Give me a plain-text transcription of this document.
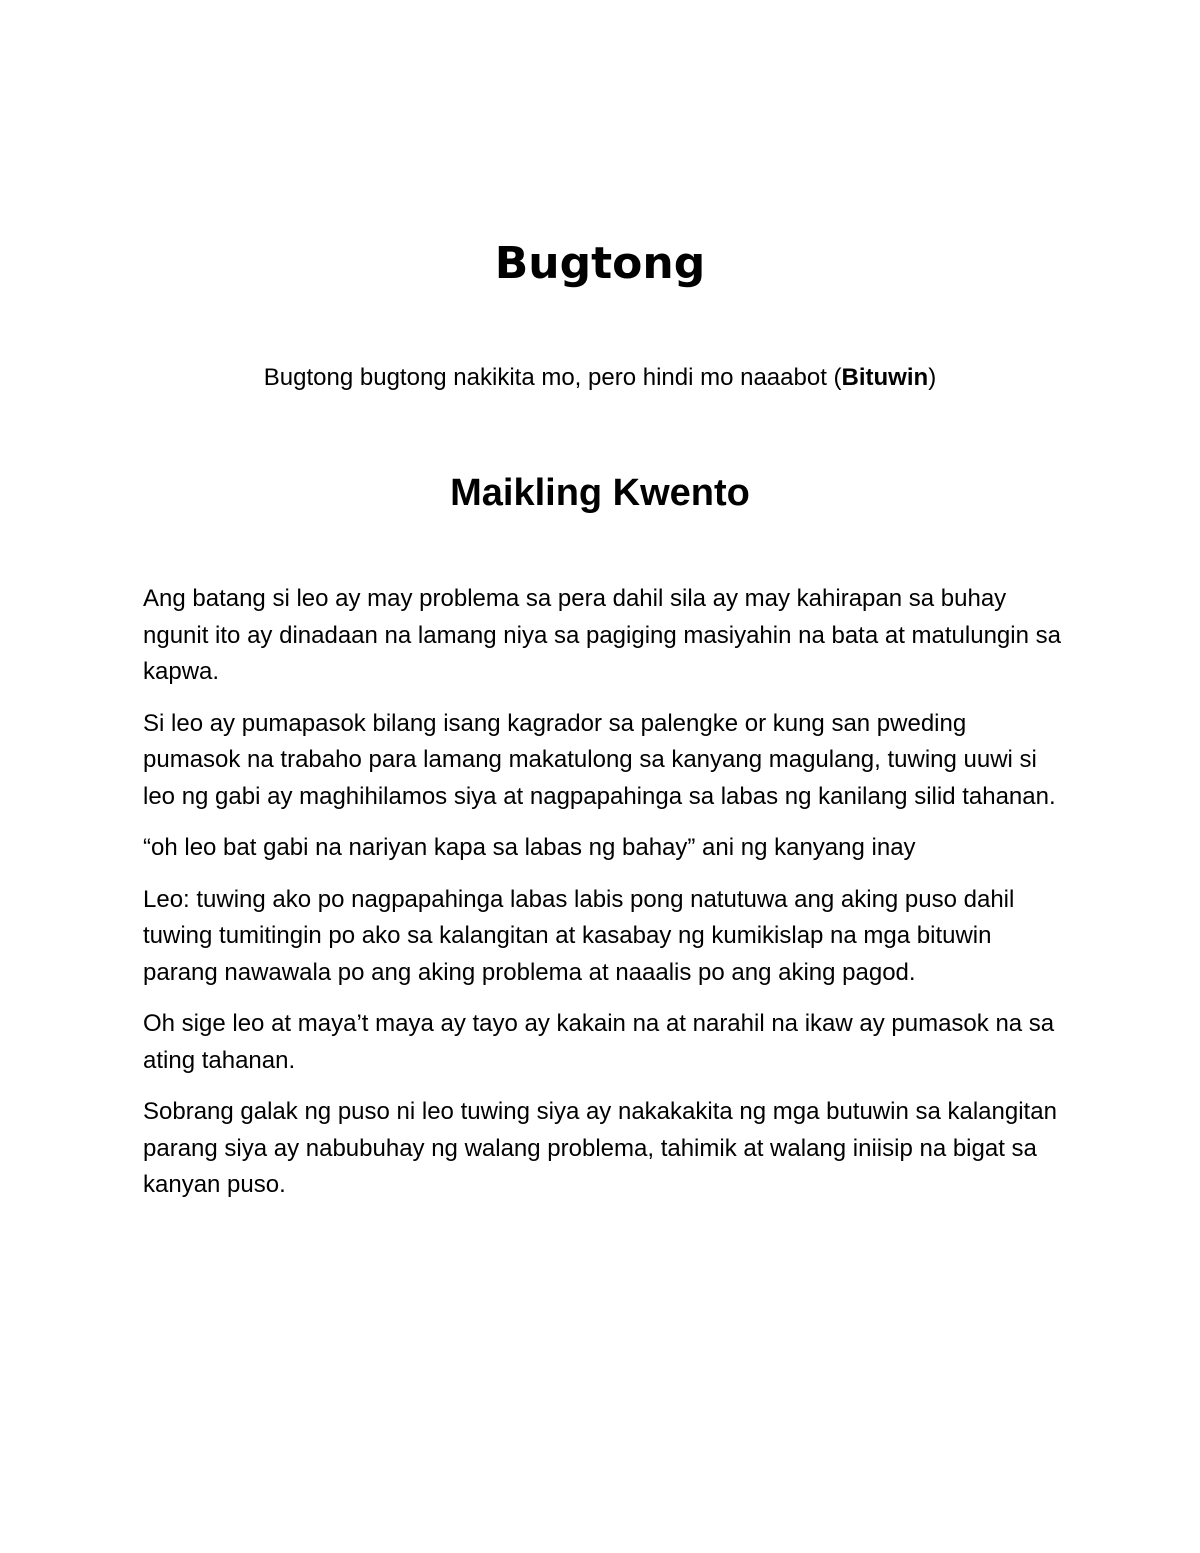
Bugtong

Bugtong bugtong nakikita mo, pero hindi mo naaabot (Bituwin)

Maikling Kwento

Ang batang si leo ay may problema sa pera dahil sila ay may kahirapan sa buhay ngunit ito ay dinadaan na lamang niya sa pagiging masiyahin na bata at matulungin sa kapwa.

Si leo ay pumapasok bilang isang kagrador sa palengke or kung san pweding pumasok na trabaho para lamang makatulong sa kanyang magulang, tuwing uuwi si leo ng gabi ay maghihilamos siya at nagpapahinga sa labas ng kanilang silid tahanan.

“oh leo bat gabi na nariyan kapa sa labas ng bahay” ani ng kanyang inay

Leo: tuwing ako po nagpapahinga labas labis pong natutuwa ang aking puso dahil tuwing tumitingin po ako sa kalangitan at kasabay ng kumikislap na mga bituwin parang nawawala po ang aking problema at naaalis po ang aking pagod.

Oh sige leo at maya’t maya ay tayo ay kakain na at narahil na ikaw ay pumasok na sa ating tahanan.

Sobrang galak ng puso ni leo tuwing siya ay nakakakita ng mga butuwin sa kalangitan parang siya ay nabubuhay ng walang problema, tahimik at walang iniisip na bigat sa kanyan puso.
